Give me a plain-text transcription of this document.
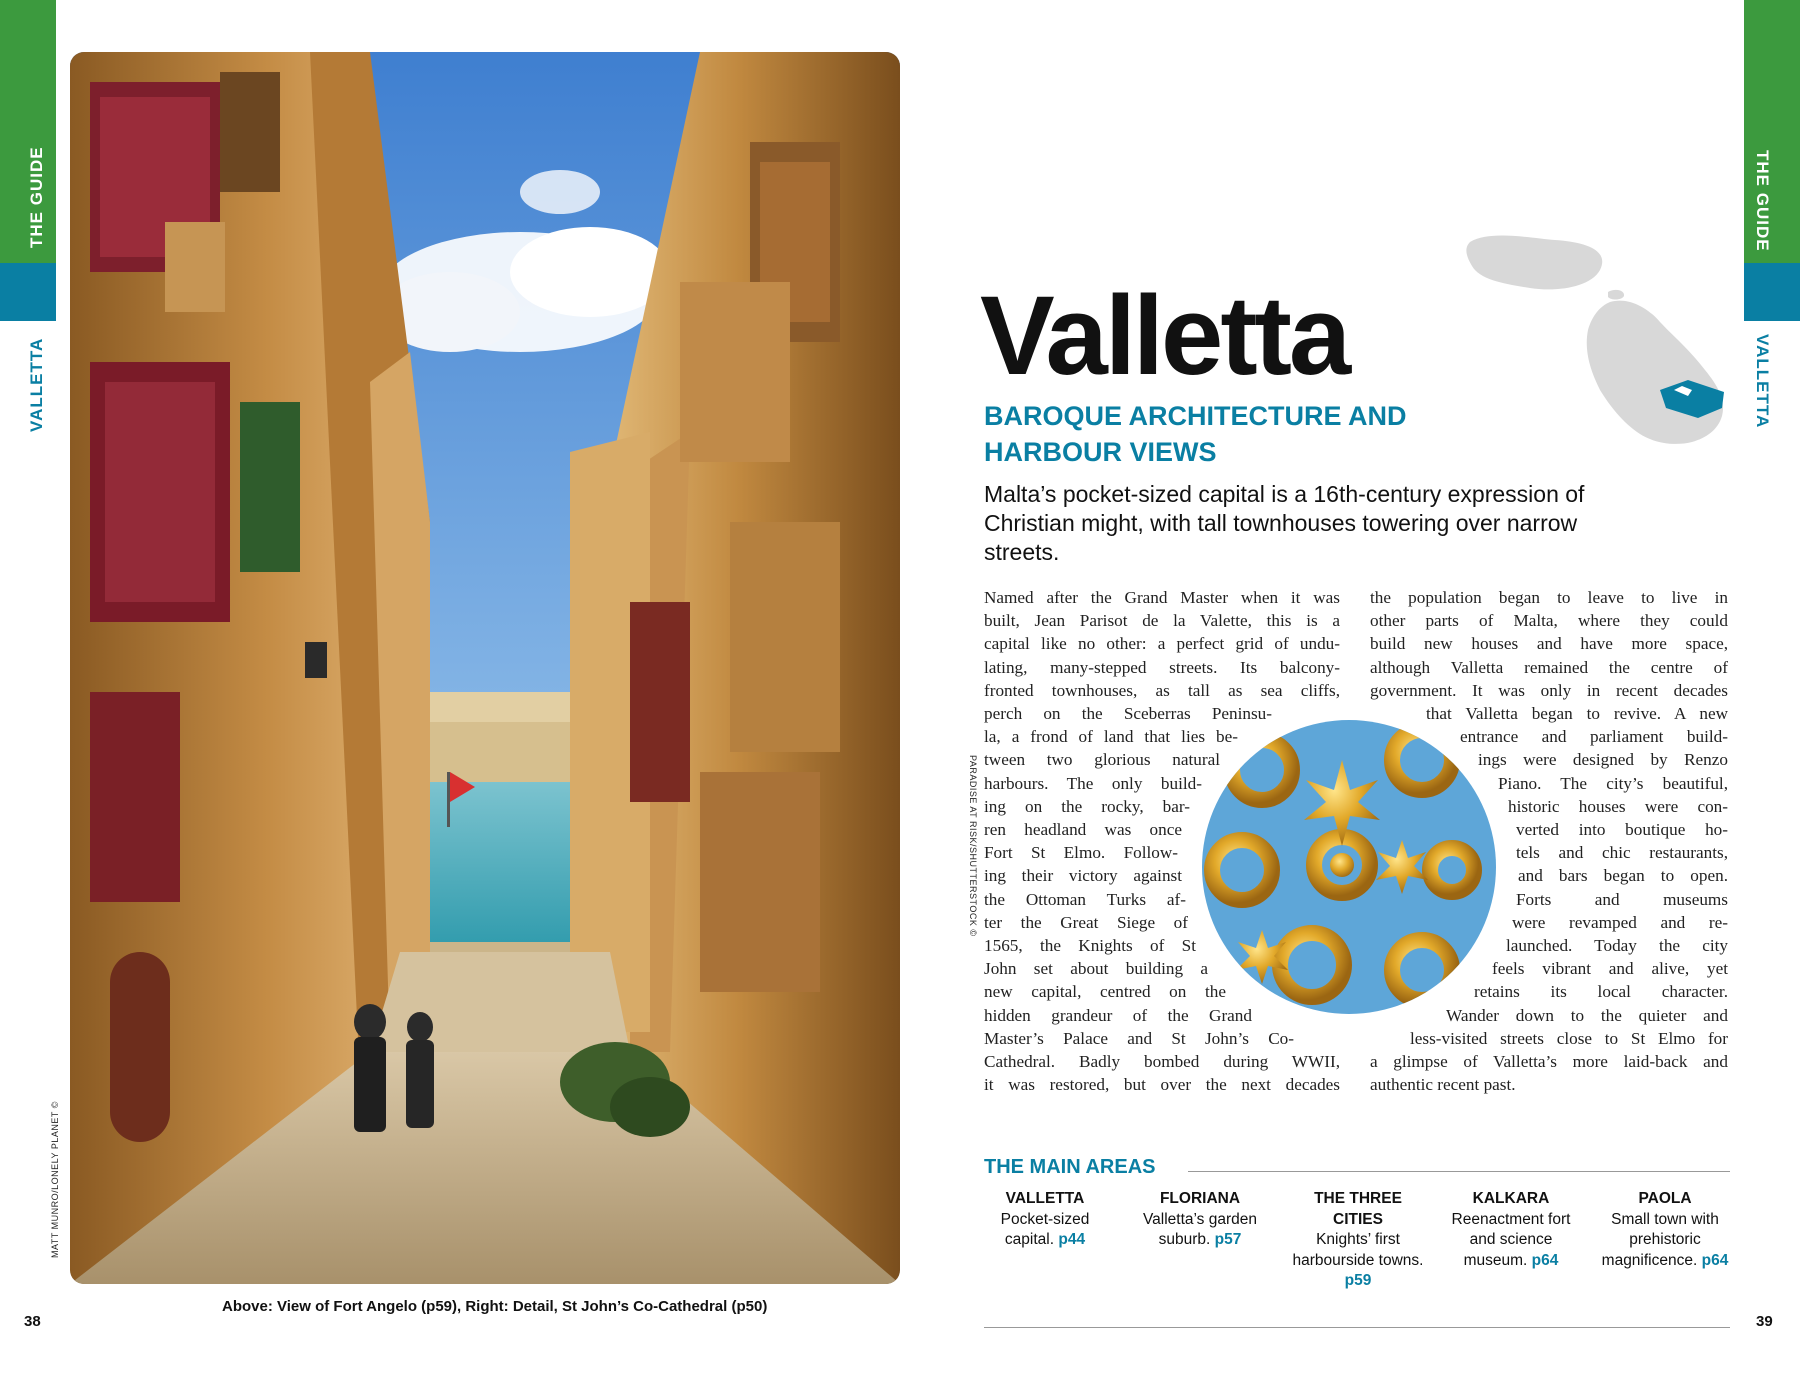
THE GUIDE
VALLETTA
THE GUIDE
VALLETTA
MATT MUNRO/LONELY PLANET ©
PARADISE AT RISK/SHUTTERSTOCK ©
Above: View of Fort Angelo (p59), Right: Detail, St John’s Co-Cathedral (p50)
38	39
Valletta
BAROQUE ARCHITECTURE AND HARBOUR VIEWS
Malta’s pocket-sized capital is a 16th-century expression of Christian might, with tall townhouses towering over narrow streets.
Named after the Grand Master when it was
built, Jean Parisot de la Valette, this is a
capital like no other: a perfect grid of undu-
lating, many-stepped streets. Its balcony-
fronted townhouses, as tall as sea cliffs,
perch on the Sceberras Peninsu-
la, a frond of land that lies be-
tween two glorious natural
harbours. The only build-
ing on the rocky, bar-
ren headland was once
Fort St Elmo. Follow-
ing their victory against
the Ottoman Turks af-
ter the Great Siege of
1565, the Knights of St
John set about building a
new capital, centred on the
hidden grandeur of the Grand
Master’s Palace and St John’s Co-
Cathedral. Badly bombed during WWII,
it was restored, but over the next decades
the population began to leave to live in
other parts of Malta, where they could
build new houses and have more space,
although Valletta remained the centre of
government. It was only in recent decades
that Valletta began to revive. A new
entrance and parliament build-
ings were designed by Renzo
Piano. The city’s beautiful,
historic houses were con-
verted into boutique ho-
tels and chic restaurants,
and bars began to open.
Forts and museums
were revamped and re-
launched. Today the city
feels vibrant and alive, yet
retains its local character.
Wander down to the quieter and
less-visited streets close to St Elmo for
a glimpse of Valletta’s more laid-back and
authentic recent past.
THE MAIN AREAS
VALLETTA
Pocket-sized capital. p44
FLORIANA
Valletta’s garden suburb. p57
THE THREE CITIES
Knights’ first harbourside towns. p59
KALKARA
Reenactment fort and science museum. p64
PAOLA
Small town with prehistoric magnificence. p64
